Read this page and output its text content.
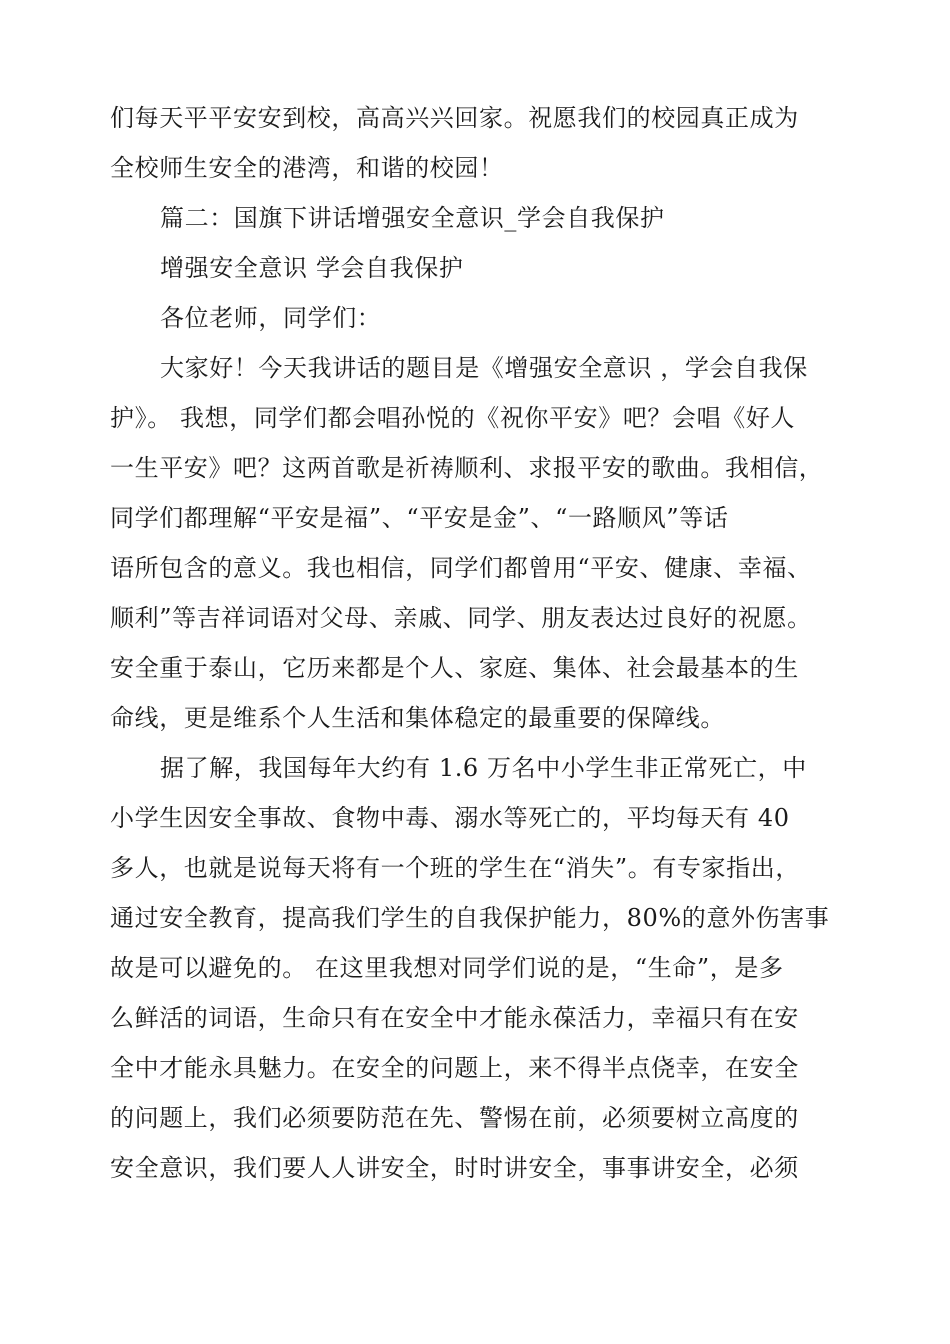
们每天平平安安到校，高高兴兴回家。祝愿我们的校园真正成为
全校师生安全的港湾，和谐的校园！
篇二：国旗下讲话增强安全意识_学会自我保护
增强安全意识 学会自我保护
各位老师，同学们：
大家好！今天我讲话的题目是《增强安全意识 ，学会自我保
护》。 我想，同学们都会唱孙悦的《祝你平安》吧？会唱《好人
一生平安》吧？这两首歌是祈祷顺利、求报平安的歌曲。我相信，
同学们都理解“平安是福”、“平安是金”、“一路顺风”等话
语所包含的意义。我也相信，同学们都曾用“平安、健康、幸福、
顺利”等吉祥词语对父母、亲戚、同学、朋友表达过良好的祝愿。
安全重于泰山，它历来都是个人、家庭、集体、社会最基本的生
命线，更是维系个人生活和集体稳定的最重要的保障线。
据了解，我国每年大约有 1.6 万名中小学生非正常死亡，中
小学生因安全事故、食物中毒、溺水等死亡的，平均每天有 40
多人，也就是说每天将有一个班的学生在“消失”。有专家指出，
通过安全教育，提高我们学生的自我保护能力，80%的意外伤害事
故是可以避免的。 在这里我想对同学们说的是，“生命”，是多
么鲜活的词语，生命只有在安全中才能永葆活力，幸福只有在安
全中才能永具魅力。在安全的问题上，来不得半点侥幸，在安全
的问题上，我们必须要防范在先、警惕在前，必须要树立高度的
安全意识，我们要人人讲安全，时时讲安全，事事讲安全，必须
